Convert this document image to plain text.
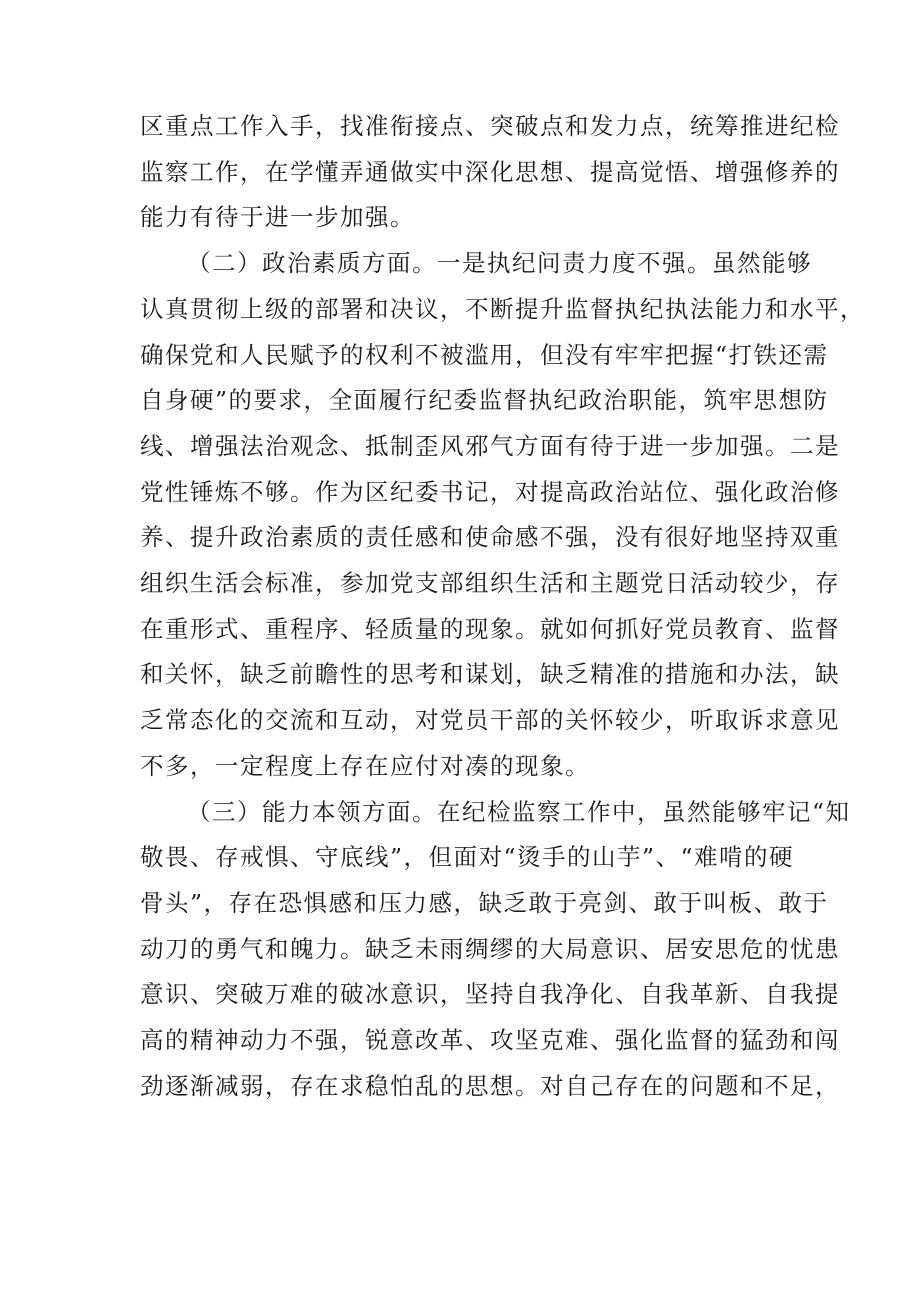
区重点工作入手，找准衔接点、突破点和发力点，统筹推进纪检
监察工作，在学懂弄通做实中深化思想、提高觉悟、增强修养的
能力有待于进一步加强。
（二）政治素质方面。一是执纪问责力度不强。虽然能够
认真贯彻上级的部署和决议，不断提升监督执纪执法能力和水平，
确保党和人民赋予的权利不被滥用，但没有牢牢把握“打铁还需
自身硬”的要求，全面履行纪委监督执纪政治职能，筑牢思想防
线、增强法治观念、抵制歪风邪气方面有待于进一步加强。二是
党性锤炼不够。作为区纪委书记，对提高政治站位、强化政治修
养、提升政治素质的责任感和使命感不强，没有很好地坚持双重
组织生活会标准，参加党支部组织生活和主题党日活动较少，存
在重形式、重程序、轻质量的现象。就如何抓好党员教育、监督
和关怀，缺乏前瞻性的思考和谋划，缺乏精准的措施和办法，缺
乏常态化的交流和互动，对党员干部的关怀较少，听取诉求意见
不多，一定程度上存在应付对凑的现象。
（三）能力本领方面。在纪检监察工作中，虽然能够牢记“知
敬畏、存戒惧、守底线”，但面对“烫手的山芋”、“难啃的硬
骨头”，存在恐惧感和压力感，缺乏敢于亮剑、敢于叫板、敢于
动刀的勇气和魄力。缺乏未雨绸缪的大局意识、居安思危的忧患
意识、突破万难的破冰意识，坚持自我净化、自我革新、自我提
高的精神动力不强，锐意改革、攻坚克难、强化监督的猛劲和闯
劲逐渐减弱，存在求稳怕乱的思想。对自己存在的问题和不足，
